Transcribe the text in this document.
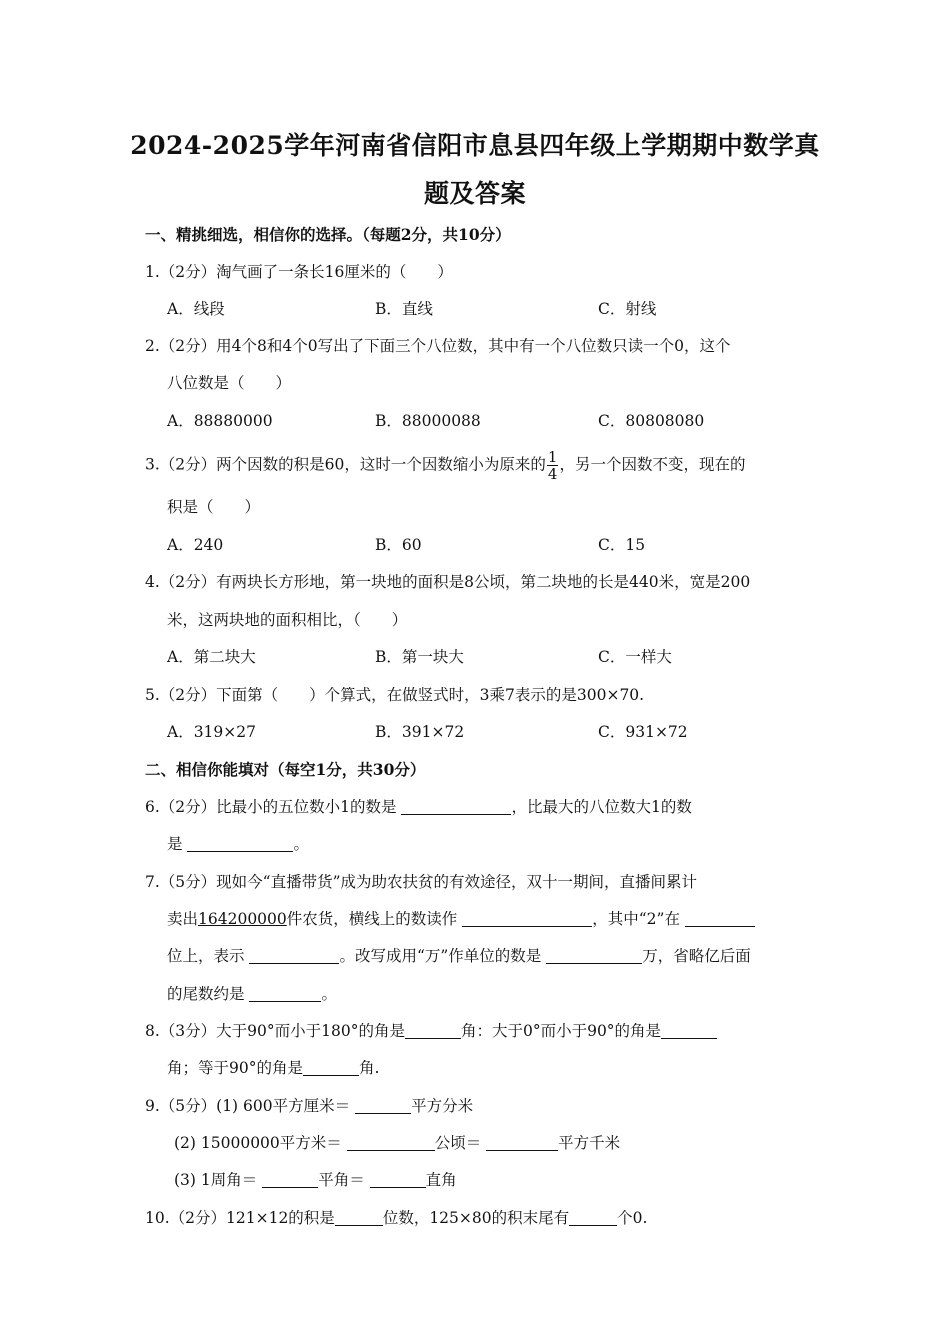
2024-2025学年河南省信阳市息县四年级上学期期中数学真
题及答案
一、精挑细选，相信你的选择。（每题2分，共10分）
1.（2分）淘气画了一条长16厘米的（　　）
A．线段	B．直线	C．射线
2.（2分）用4个8和4个0写出了下面三个八位数，其中有一个八位数只读一个0，这个
八位数是（　　）
A．88880000	B．88000088	C．80808080
3.（2分）两个因数的积是60，这时一个因数缩小为原来的 $\frac{1}{4}$ ，另一个因数不变，现在的
积是（　　）
A．240	B．60	C．15
4.（2分）有两块长方形地，第一块地的面积是8公顷，第二块地的长是440米，宽是200
米，这两块地的面积相比，（　　）
A．第二块大	B．第一块大	C．一样大
5.（2分）下面第（　　）个算式，在做竖式时，3乘7表示的是300×70.
A．319×27	B．391×72	C．931×72
二、相信你能填对（每空1分，共30分）
6.（2分）比最小的五位数小1的数是	，比最大的八位数大1的数
是	。
7.（5分）现如今“直播带货”成为助农扶贫的有效途径，双十一期间，直播间累计
卖出164200000件农货，横线上的数读作	，其中“2”在
位上，表示	。改写成用“万”作单位的数是	万，省略亿后面
的尾数约是	。
8.（3分）大于90°而小于180°的角是	角：大于0°而小于90°的角是
角；等于90°的角是	角.
9.（5分）(1) 600平方厘米＝	平方分米
(2) 15000000平方米＝	公顷＝	平方千米
(3) 1周角＝	平角＝	直角
10.（2分）121×12的积是	位数，125×80的积末尾有	个0.
